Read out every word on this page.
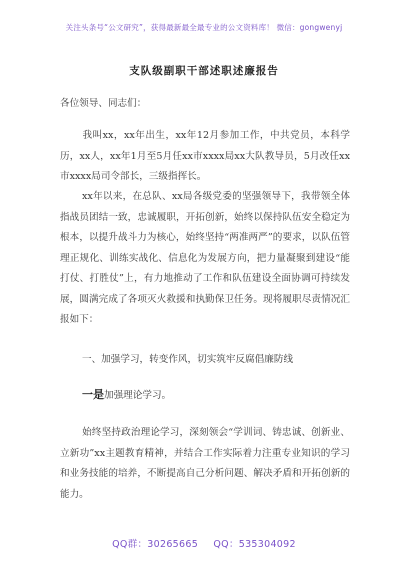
关注头条号“公文研究”，获得最新最全最专业的公文资料库！ 微信：gongwenyj
支队级副职干部述职述廉报告
各位领导、同志们：
我叫xx，xx年出生，xx年12月参加工作，中共党员，本科学历，xx人，xx年1月至5月任xx市xxxx局xx大队教导员，5月改任xx市xxxx局司令部长，三级指挥长。
xx年以来，在总队、xx局各级党委的坚强领导下，我带领全体指战员团结一致，忠诚履职，开拓创新，始终以保持队伍安全稳定为根本，以提升战斗力为核心，始终坚持“两准两严”的要求，以队伍管理正规化、训练实战化、信息化为发展方向，把力量凝聚到建设“能打仗、打胜仗”上，有力地推动了工作和队伍建设全面协调可持续发展，圆满完成了各项灭火救援和执勤保卫任务。现将履职尽责情况汇报如下：
一、加强学习，转变作风，切实筑牢反腐倡廉防线
一是加强理论学习。
始终坚持政治理论学习，深刻领会“学训词、铸忠诚、创新业、立新功”xx主题教育精神，并结合工作实际着力注重专业知识的学习和业务技能的培养，不断提高自己分析问题、解决矛盾和开拓创新的能力。
QQ群：30265665 QQ：535304092
